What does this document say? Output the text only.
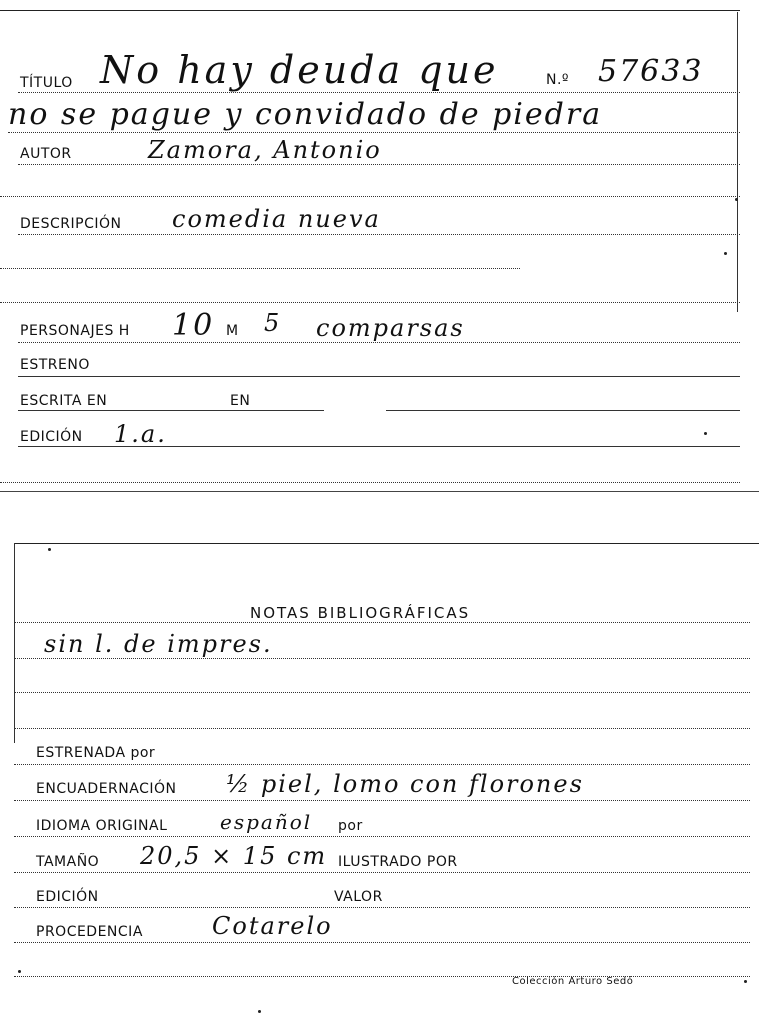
TÍTULO No hay deuda que	N.º 57633
no se pague y convidado de piedra
AUTOR	Zamora, Antonio
DESCRIPCIÓN comedia nueva
PERSONAJES H 10 M 5 comparsas
ESTRENO
ESCRITA EN	EN
EDICIÓN 1.a.
NOTAS BIBLIOGRÁFICAS
sin l. de impres.
ESTRENADA por
ENCUADERNACIÓN ½ piel, lomo con florones
IDIOMA ORIGINAL	español por
TAMAÑO 20,5 × 15 cm ILUSTRADO POR
EDICIÓN	VALOR
PROCEDENCIA	Cotarelo
Colección Arturo Sedó
